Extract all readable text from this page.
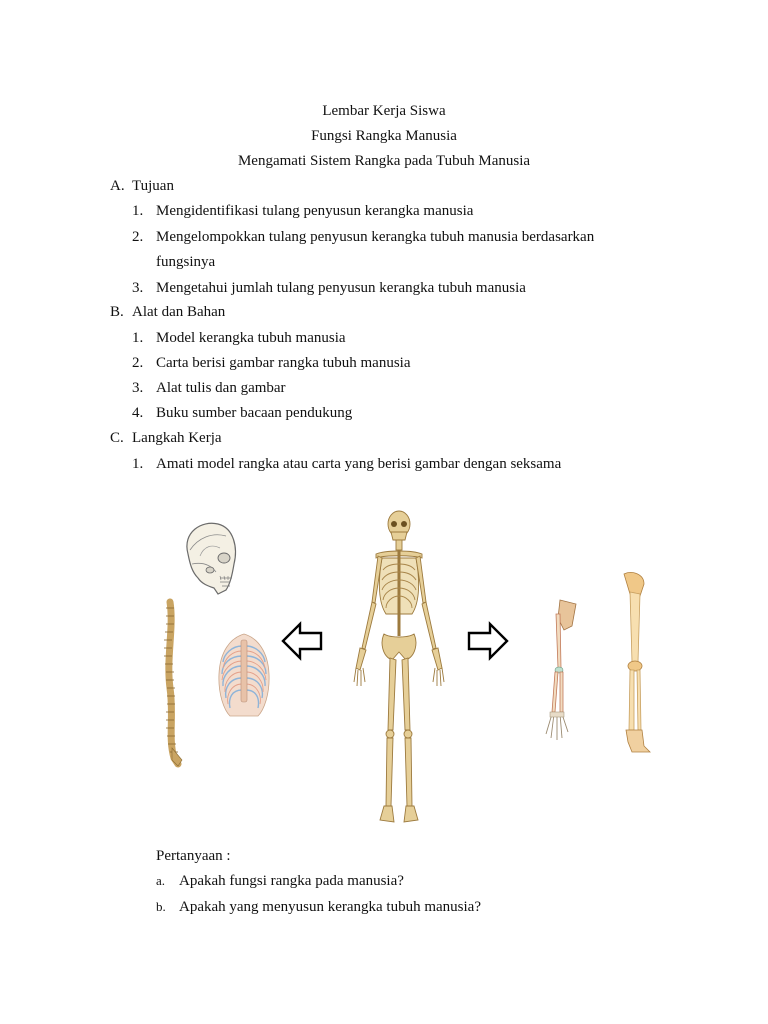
Lembar Kerja Siswa
Fungsi Rangka Manusia
Mengamati Sistem Rangka pada Tubuh Manusia
A. Tujuan
1. Mengidentifikasi tulang penyusun kerangka manusia
2. Mengelompokkan tulang penyusun kerangka tubuh manusia berdasarkan
fungsinya
3. Mengetahui jumlah tulang penyusun kerangka tubuh manusia
B. Alat dan Bahan
1. Model kerangka tubuh manusia
2. Carta berisi gambar rangka tubuh manusia
3. Alat tulis dan gambar
4. Buku sumber bacaan pendukung
C. Langkah Kerja
1. Amati model rangka atau carta yang berisi gambar dengan seksama
Pertanyaan :
a. Apakah fungsi rangka pada manusia?
b. Apakah yang menyusun kerangka tubuh manusia?
